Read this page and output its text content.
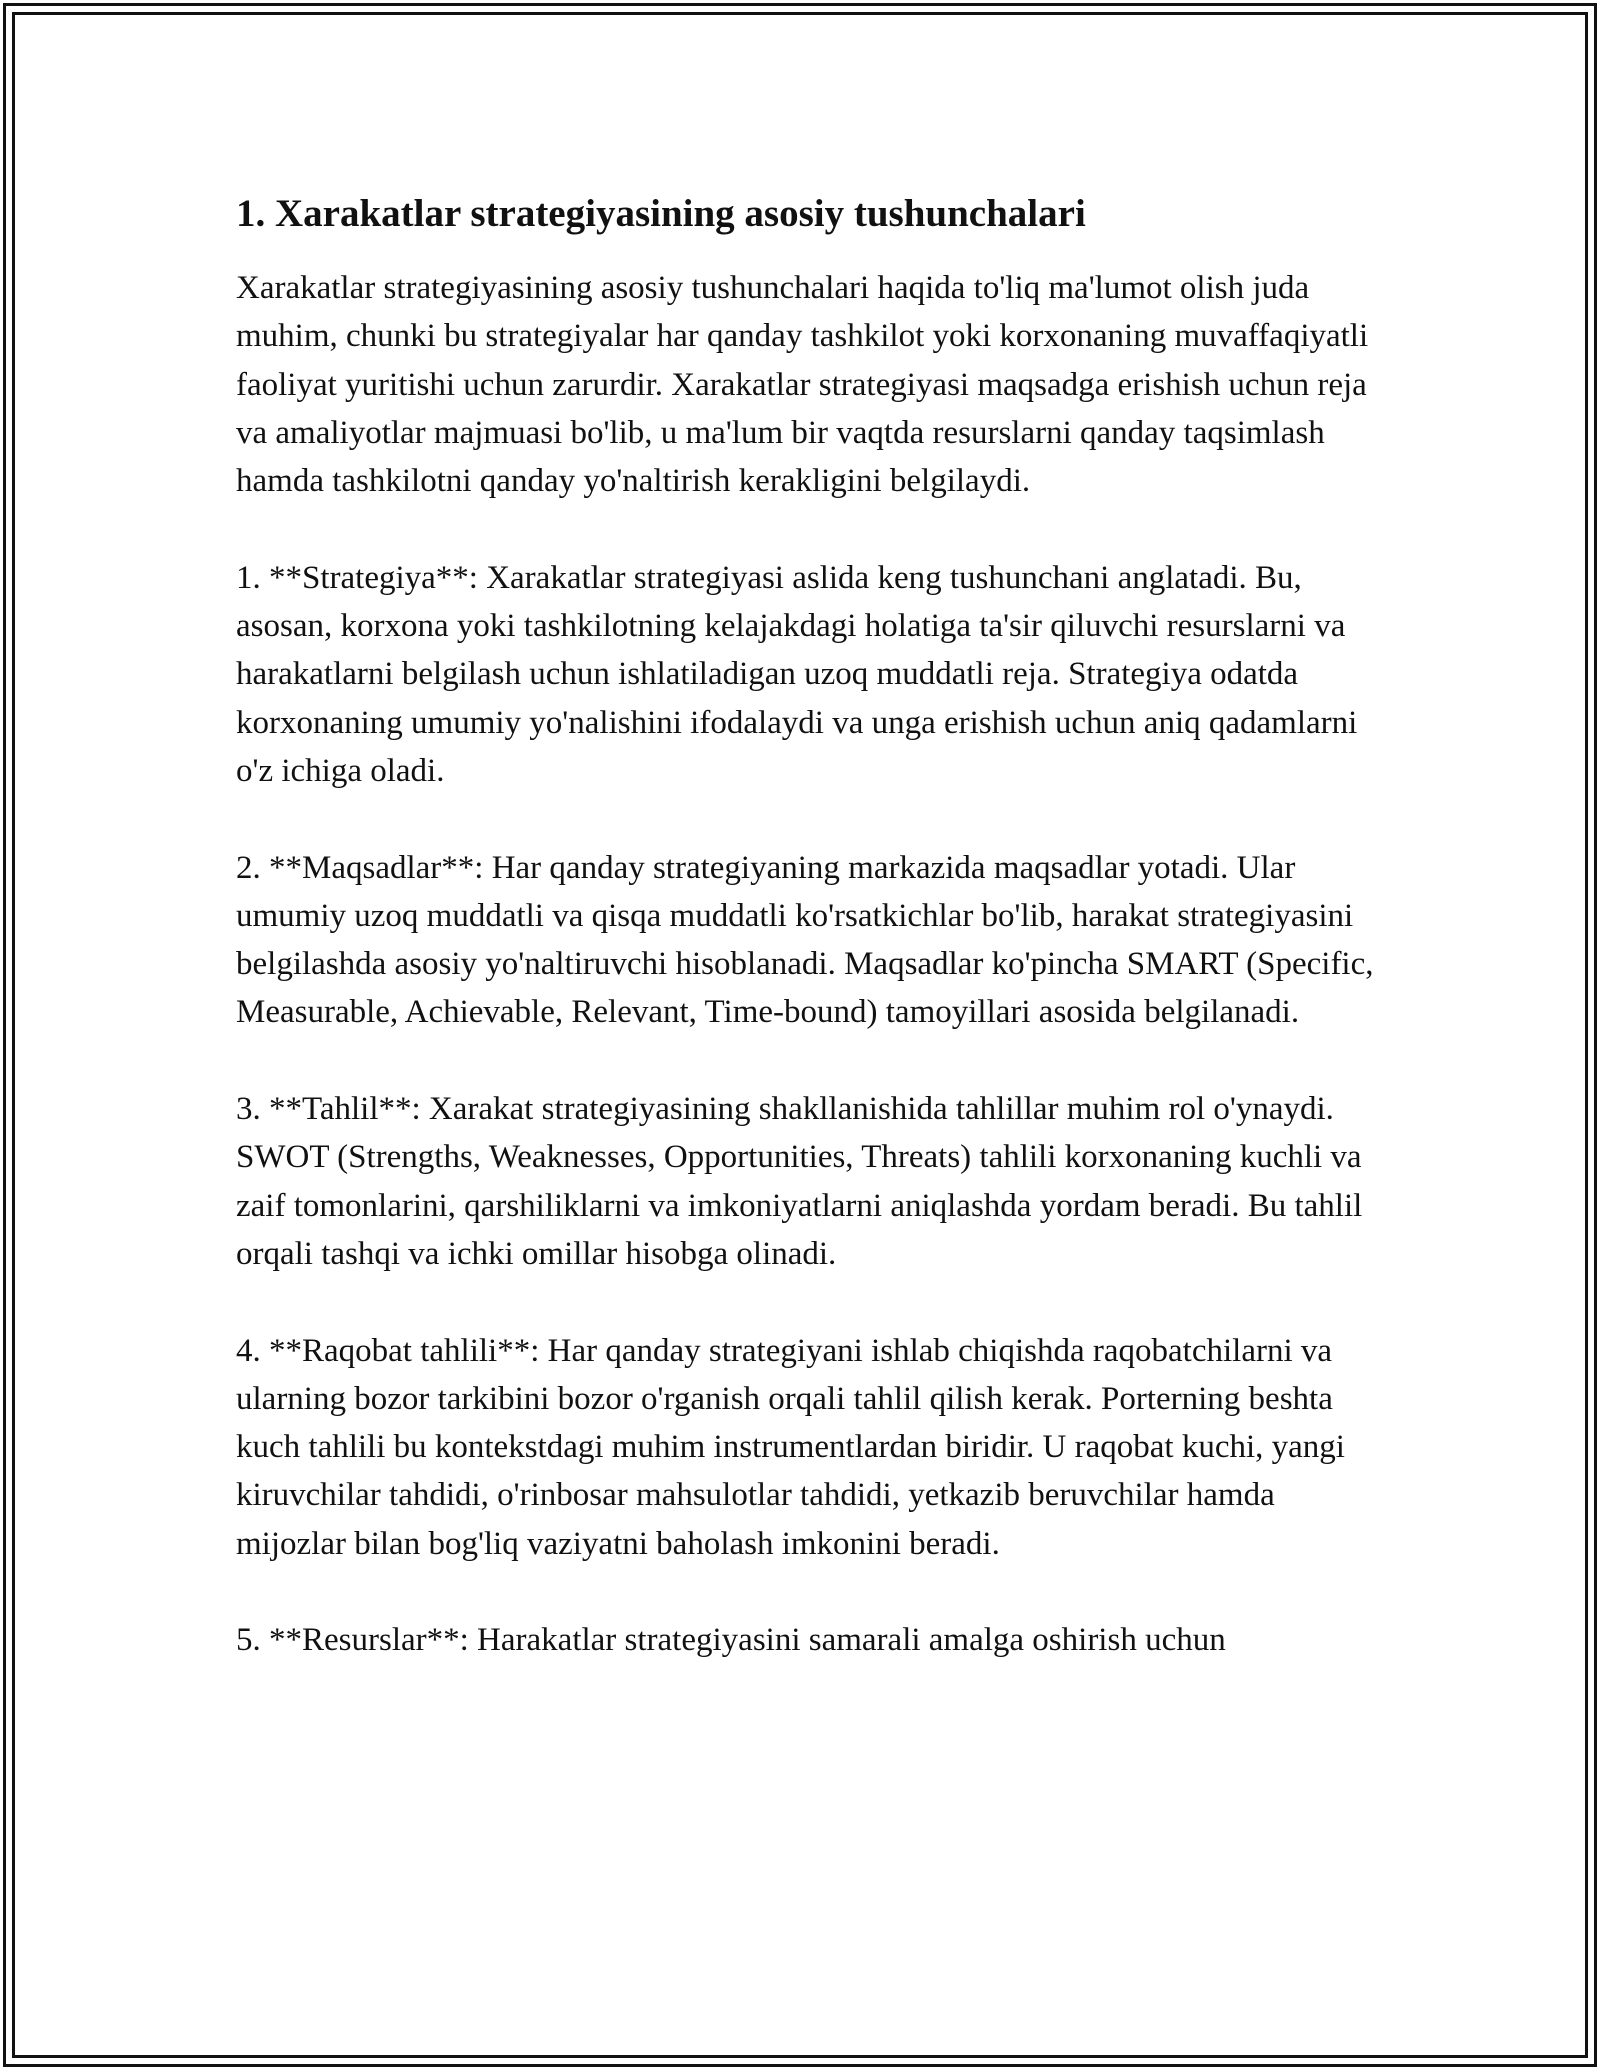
1. Xarakatlar strategiyasining asosiy tushunchalari

Xarakatlar strategiyasining asosiy tushunchalari haqida to'liq ma'lumot olish juda muhim, chunki bu strategiyalar har qanday tashkilot yoki korxonaning muvaffaqiyatli faoliyat yuritishi uchun zarurdir. Xarakatlar strategiyasi maqsadga erishish uchun reja va amaliyotlar majmuasi bo'lib, u ma'lum bir vaqtda resurslarni qanday taqsimlash hamda tashkilotni qanday yo'naltirish kerakligini belgilaydi.

1. **Strategiya**: Xarakatlar strategiyasi aslida keng tushunchani anglatadi. Bu, asosan, korxona yoki tashkilotning kelajakdagi holatiga ta'sir qiluvchi resurslarni va harakatlarni belgilash uchun ishlatiladigan uzoq muddatli reja. Strategiya odatda korxonaning umumiy yo'nalishini ifodalaydi va unga erishish uchun aniq qadamlarni o'z ichiga oladi.

2. **Maqsadlar**: Har qanday strategiyaning markazida maqsadlar yotadi. Ular umumiy uzoq muddatli va qisqa muddatli ko'rsatkichlar bo'lib, harakat strategiyasini belgilashda asosiy yo'naltiruvchi hisoblanadi. Maqsadlar ko'pincha SMART (Specific, Measurable, Achievable, Relevant, Time-bound) tamoyillari asosida belgilanadi.

3. **Tahlil**: Xarakat strategiyasining shakllanishida tahlillar muhim rol o'ynaydi. SWOT (Strengths, Weaknesses, Opportunities, Threats) tahlili korxonaning kuchli va zaif tomonlarini, qarshiliklarni va imkoniyatlarni aniqlashda yordam beradi. Bu tahlil orqali tashqi va ichki omillar hisobga olinadi.

4. **Raqobat tahlili**: Har qanday strategiyani ishlab chiqishda raqobatchilarni va ularning bozor tarkibini bozor o'rganish orqali tahlil qilish kerak. Porterning beshta kuch tahlili bu kontekstdagi muhim instrumentlardan biridir. U raqobat kuchi, yangi kiruvchilar tahdidi, o'rinbosar mahsulotlar tahdidi, yetkazib beruvchilar hamda mijozlar bilan bog'liq vaziyatni baholash imkonini beradi.

5. **Resurslar**: Harakatlar strategiyasini samarali amalga oshirish uchun
